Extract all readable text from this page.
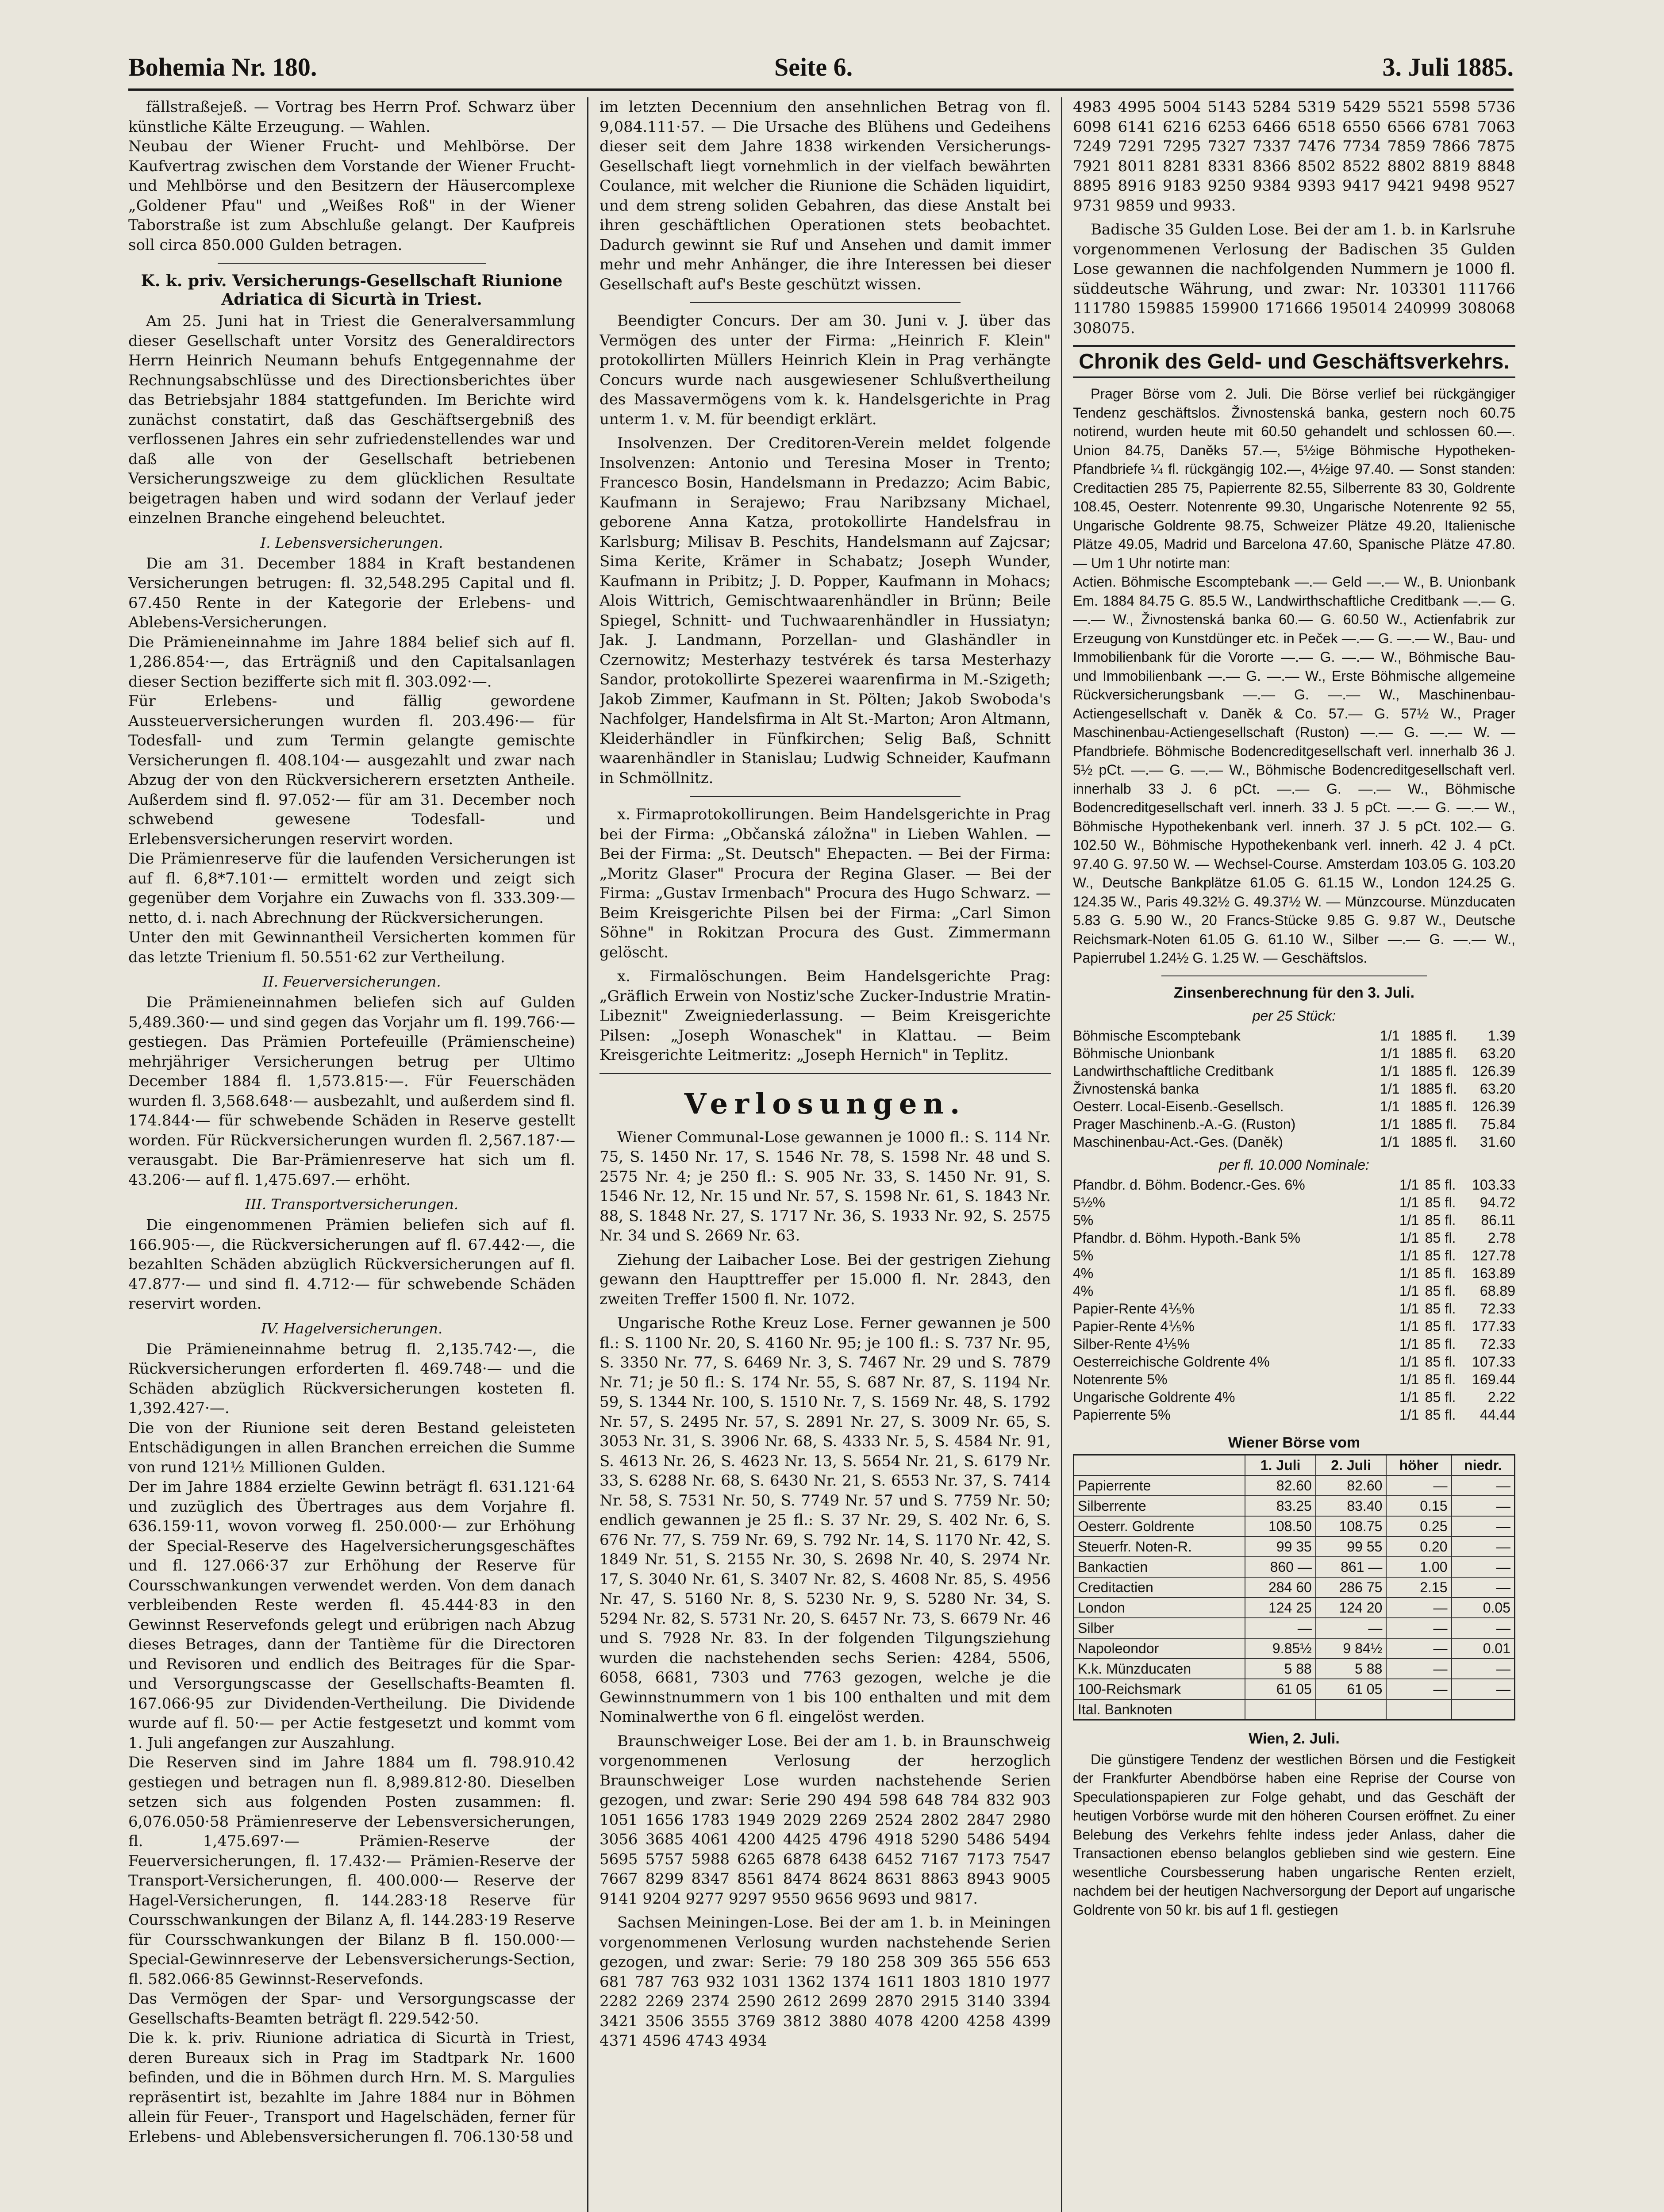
Bohemia Nr. 180.	Seite 6.	3. Juli 1885.

fällstraßejeß. — Vortrag bes Herrn Prof. Schwarz über künstliche Kälte Erzeugung. — Wahlen.
Neubau der Wiener Frucht- und Mehlbörse. Der Kaufvertrag zwischen dem Vorstande der Wiener Frucht- und Mehlbörse und den Besitzern der Häusercomplexe „Goldener Pfau" und „Weißes Roß" in der Wiener Taborstraße ist zum Abschluße gelangt. Der Kaufpreis soll circa 850.000 Gulden betragen.

K. k. priv. Versicherungs-Gesellschaft Riunione Adriatica di Sicurtà in Triest.

Am 25. Juni hat in Triest die Generalversammlung dieser Gesellschaft unter Vorsitz des Generaldirectors Herrn Heinrich Neumann behufs Entgegennahme der Rechnungsabschlüsse und des Directionsberichtes über das Betriebsjahr 1884 stattgefunden. Im Berichte wird zunächst constatirt, daß das Geschäftsergebniß des verflossenen Jahres ein sehr zufriedenstellendes war und daß alle von der Gesellschaft betriebenen Versicherungszweige zu dem glücklichen Resultate beigetragen haben und wird sodann der Verlauf jeder einzelnen Branche eingehend beleuchtet.

I. Lebensversicherungen.

Die am 31. December 1884 in Kraft bestandenen Versicherungen betrugen: fl. 32,548.295 Capital und fl. 67.450 Rente in der Kategorie der Erlebens- und Ablebens-Versicherungen.
Die Prämieneinnahme im Jahre 1884 belief sich auf fl. 1,286.854·—, das Erträgniß und den Capitalsanlagen dieser Section bezifferte sich mit fl. 303.092·—.
Für Erlebens- und fällig gewordene Aussteuerversicherungen wurden fl. 203.496·— für Todesfall- und zum Termin gelangte gemischte Versicherungen fl. 408.104·— ausgezahlt und zwar nach Abzug der von den Rückversicherern ersetzten Antheile. Außerdem sind fl. 97.052·— für am 31. December noch schwebend gewesene Todesfall- und Erlebensversicherungen reservirt worden.
Die Prämienreserve für die laufenden Versicherungen ist auf fl. 6,8*7.101·— ermittelt worden und zeigt sich gegenüber dem Vorjahre ein Zuwachs von fl. 333.309·— netto, d. i. nach Abrechnung der Rückversicherungen.
Unter den mit Gewinnantheil Versicherten kommen für das letzte Trienium fl. 50.551·62 zur Vertheilung.

II. Feuerversicherungen.

Die Prämieneinnahmen beliefen sich auf Gulden 5,489.360·— und sind gegen das Vorjahr um fl. 199.766·— gestiegen. Das Prämien Portefeuille (Prämienscheine) mehrjähriger Versicherungen betrug per Ultimo December 1884 fl. 1,573.815·—. Für Feuerschäden wurden fl. 3,568.648·— ausbezahlt, und außerdem sind fl. 174.844·— für schwebende Schäden in Reserve gestellt worden. Für Rückversicherungen wurden fl. 2,567.187·— verausgabt. Die Bar-Prämienreserve hat sich um fl. 43.206·— auf fl. 1,475.697.— erhöht.

III. Transportversicherungen.

Die eingenommenen Prämien beliefen sich auf fl. 166.905·—, die Rückversicherungen auf fl. 67.442·—, die bezahlten Schäden abzüglich Rückversicherungen auf fl. 47.877·— und sind fl. 4.712·— für schwebende Schäden reservirt worden.

IV. Hagelversicherungen.

Die Prämieneinnahme betrug fl. 2,135.742·—, die Rückversicherungen erforderten fl. 469.748·— und die Schäden abzüglich Rückversicherungen kosteten fl. 1,392.427·—.
Die von der Riunione seit deren Bestand geleisteten Entschädigungen in allen Branchen erreichen die Summe von rund 121½ Millionen Gulden.
Der im Jahre 1884 erzielte Gewinn beträgt fl. 631.121·64 und zuzüglich des Übertrages aus dem Vorjahre fl. 636.159·11, wovon vorweg fl. 250.000·— zur Erhöhung der Special-Reserve des Hagelversicherungsgeschäftes und fl. 127.066·37 zur Erhöhung der Reserve für Coursschwankungen verwendet werden. Von dem danach verbleibenden Reste werden fl. 45.444·83 in den Gewinnst Reservefonds gelegt und erübrigen nach Abzug dieses Betrages, dann der Tantième für die Directoren und Revisoren und endlich des Beitrages für die Spar- und Versorgungscasse der Gesellschafts-Beamten fl. 167.066·95 zur Dividenden-Vertheilung. Die Dividende wurde auf fl. 50·— per Actie festgesetzt und kommt vom 1. Juli angefangen zur Auszahlung.
Die Reserven sind im Jahre 1884 um fl. 798.910.42 gestiegen und betragen nun fl. 8,989.812·80. Dieselben setzen sich aus folgenden Posten zusammen: fl. 6,076.050·58 Prämienreserve der Lebensversicherungen, fl. 1,475.697·— Prämien-Reserve der Feuerversicherungen, fl. 17.432·— Prämien-Reserve der Transport-Versicherungen, fl. 400.000·— Reserve der Hagel-Versicherungen, fl. 144.283·18 Reserve für Coursschwankungen der Bilanz A, fl. 144.283·19 Reserve für Coursschwankungen der Bilanz B fl. 150.000·— Special-Gewinnreserve der Lebensversicherungs-Section, fl. 582.066·85 Gewinnst-Reservefonds.
Das Vermögen der Spar- und Versorgungscasse der Gesellschafts-Beamten beträgt fl. 229.542·50.
Die k. k. priv. Riunione adriatica di Sicurtà in Triest, deren Bureaux sich in Prag im Stadtpark Nr. 1600 befinden, und die in Böhmen durch Hrn. M. S. Margulies repräsentirt ist, bezahlte im Jahre 1884 nur in Böhmen allein für Feuer-, Transport und Hagelschäden, ferner für Erlebens- und Ablebensversicherungen fl. 706.130·58 und

im letzten Decennium den ansehnlichen Betrag von fl. 9,084.111·57. — Die Ursache des Blühens und Gedeihens dieser seit dem Jahre 1838 wirkenden Versicherungs-Gesellschaft liegt vornehmlich in der vielfach bewährten Coulance, mit welcher die Riunione die Schäden liquidirt, und dem streng soliden Gebahren, das diese Anstalt bei ihren geschäftlichen Operationen stets beobachtet. Dadurch gewinnt sie Ruf und Ansehen und damit immer mehr und mehr Anhänger, die ihre Interessen bei dieser Gesellschaft auf's Beste geschützt wissen.

Beendigter Concurs. Der am 30. Juni v. J. über das Vermögen des unter der Firma: „Heinrich F. Klein" protokollirten Müllers Heinrich Klein in Prag verhängte Concurs wurde nach ausgewiesener Schlußvertheilung des Massavermögens vom k. k. Handelsgerichte in Prag unterm 1. v. M. für beendigt erklärt.

Insolvenzen. Der Creditoren-Verein meldet folgende Insolvenzen: Antonio und Teresina Moser in Trento; Francesco Bosin, Handelsmann in Predazzo; Acim Babic, Kaufmann in Serajewo; Frau Naribzsany Michael, geborene Anna Katza, protokollirte Handelsfrau in Karlsburg; Milisav B. Peschits, Handelsmann auf Zajcsar; Sima Kerite, Krämer in Schabatz; Joseph Wunder, Kaufmann in Pribitz; J. D. Popper, Kaufmann in Mohacs; Alois Wittrich, Gemischtwaarenhändler in Brünn; Beile Spiegel, Schnitt- und Tuchwaarenhändler in Hussiatyn; Jak. J. Landmann, Porzellan- und Glashändler in Czernowitz; Mesterhazy testvérek és tarsa Mesterhazy Sandor, protokollirte Spezerei waarenfirma in M.-Szigeth; Jakob Zimmer, Kaufmann in St. Pölten; Jakob Swoboda's Nachfolger, Handelsfirma in Alt St.-Marton; Aron Altmann, Kleiderhändler in Fünfkirchen; Selig Baß, Schnitt waarenhändler in Stanislau; Ludwig Schneider, Kaufmann in Schmöllnitz.

x. Firmaprotokollirungen. Beim Handelsgerichte in Prag bei der Firma: „Občanská záložna" in Lieben Wahlen. — Bei der Firma: „St. Deutsch" Ehepacten. — Bei der Firma: „Moritz Glaser" Procura der Regina Glaser. — Bei der Firma: „Gustav Irmenbach" Procura des Hugo Schwarz. — Beim Kreisgerichte Pilsen bei der Firma: „Carl Simon Söhne" in Rokitzan Procura des Gust. Zimmermann gelöscht.

x. Firmalöschungen. Beim Handelsgerichte Prag: „Gräflich Erwein von Nostiz'sche Zucker-Industrie Mratin-Libeznit" Zweigniederlassung. — Beim Kreisgerichte Pilsen: „Joseph Wonaschek" in Klattau. — Beim Kreisgerichte Leitmeritz: „Joseph Hernich" in Teplitz.

Verlosungen.

Wiener Communal-Lose gewannen je 1000 fl.: S. 114 Nr. 75, S. 1450 Nr. 17, S. 1546 Nr. 78, S. 1598 Nr. 48 und S. 2575 Nr. 4; je 250 fl.: S. 905 Nr. 33, S. 1450 Nr. 91, S. 1546 Nr. 12, Nr. 15 und Nr. 57, S. 1598 Nr. 61, S. 1843 Nr. 88, S. 1848 Nr. 27, S. 1717 Nr. 36, S. 1933 Nr. 92, S. 2575 Nr. 34 und S. 2669 Nr. 63.

Ziehung der Laibacher Lose. Bei der gestrigen Ziehung gewann den Haupttreffer per 15.000 fl. Nr. 2843, den zweiten Treffer 1500 fl. Nr. 1072.

Ungarische Rothe Kreuz Lose. Ferner gewannen je 500 fl.: S. 1100 Nr. 20, S. 4160 Nr. 95; je 100 fl.: S. 737 Nr. 95, S. 3350 Nr. 77, S. 6469 Nr. 3, S. 7467 Nr. 29 und S. 7879 Nr. 71; je 50 fl.: S. 174 Nr. 55, S. 687 Nr. 87, S. 1194 Nr. 59, S. 1344 Nr. 100, S. 1510 Nr. 7, S. 1569 Nr. 48, S. 1792 Nr. 57, S. 2495 Nr. 57, S. 2891 Nr. 27, S. 3009 Nr. 65, S. 3053 Nr. 31, S. 3906 Nr. 68, S. 4333 Nr. 5, S. 4584 Nr. 91, S. 4613 Nr. 26, S. 4623 Nr. 13, S. 5654 Nr. 21, S. 6179 Nr. 33, S. 6288 Nr. 68, S. 6430 Nr. 21, S. 6553 Nr. 37, S. 7414 Nr. 58, S. 7531 Nr. 50, S. 7749 Nr. 57 und S. 7759 Nr. 50; endlich gewannen je 25 fl.: S. 37 Nr. 29, S. 402 Nr. 6, S. 676 Nr. 77, S. 759 Nr. 69, S. 792 Nr. 14, S. 1170 Nr. 42, S. 1849 Nr. 51, S. 2155 Nr. 30, S. 2698 Nr. 40, S. 2974 Nr. 17, S. 3040 Nr. 61, S. 3407 Nr. 82, S. 4608 Nr. 85, S. 4956 Nr. 47, S. 5160 Nr. 8, S. 5230 Nr. 9, S. 5280 Nr. 34, S. 5294 Nr. 82, S. 5731 Nr. 20, S. 6457 Nr. 73, S. 6679 Nr. 46 und S. 7928 Nr. 83. In der folgenden Tilgungsziehung wurden die nachstehenden sechs Serien: 4284, 5506, 6058, 6681, 7303 und 7763 gezogen, welche je die Gewinnstnummern von 1 bis 100 enthalten und mit dem Nominalwerthe von 6 fl. eingelöst werden.

Braunschweiger Lose. Bei der am 1. b. in Braunschweig vorgenommenen Verlosung der herzoglich Braunschweiger Lose wurden nachstehende Serien gezogen, und zwar: Serie 290 494 598 648 784 832 903 1051 1656 1783 1949 2029 2269 2524 2802 2847 2980 3056 3685 4061 4200 4425 4796 4918 5290 5486 5494 5695 5757 5988 6265 6878 6438 6452 7167 7173 7547 7667 8299 8347 8561 8474 8624 8631 8863 8943 9005 9141 9204 9277 9297 9550 9656 9693 und 9817.

Sachsen Meiningen-Lose. Bei der am 1. b. in Meiningen vorgenommenen Verlosung wurden nachstehende Serien gezogen, und zwar: Serie: 79 180 258 309 365 556 653 681 787 763 932 1031 1362 1374 1611 1803 1810 1977 2282 2269 2374 2590 2612 2699 2870 2915 3140 3394 3421 3506 3555 3769 3812 3880 4078 4200 4258 4399 4371 4596 4743 4934

4983 4995 5004 5143 5284 5319 5429 5521 5598 5736 6098 6141 6216 6253 6466 6518 6550 6566 6781 7063 7249 7291 7295 7327 7337 7476 7734 7859 7866 7875 7921 8011 8281 8331 8366 8502 8522 8802 8819 8848 8895 8916 9183 9250 9384 9393 9417 9421 9498 9527 9731 9859 und 9933.

Badische 35 Gulden Lose. Bei der am 1. b. in Karlsruhe vorgenommenen Verlosung der Badischen 35 Gulden Lose gewannen die nachfolgenden Nummern je 1000 fl. süddeutsche Währung, und zwar: Nr. 103301 111766 111780 159885 159900 171666 195014 240999 308068 308075.

Chronik des Geld- und Geschäftsverkehrs.

Prager Börse vom 2. Juli. Die Börse verlief bei rückgängiger Tendenz geschäftslos. Živnostenská banka, gestern noch 60.75 notirend, wurden heute mit 60.50 gehandelt und schlossen 60.—. Union 84.75, Daněks 57.—, 5½ige Böhmische Hypotheken-Pfandbriefe ¼ fl. rückgängig 102.—, 4½ige 97.40. — Sonst standen: Creditactien 285 75, Papierrente 82.55, Silberrente 83 30, Goldrente 108.45, Oesterr. Notenrente 99.30, Ungarische Notenrente 92 55, Ungarische Goldrente 98.75, Schweizer Plätze 49.20, Italienische Plätze 49.05, Madrid und Barcelona 47.60, Spanische Plätze 47.80. — Um 1 Uhr notirte man:
Actien. Böhmische Escomptebank —.— Geld —.— W., B. Unionbank Em. 1884 84.75 G. 85.5 W., Landwirthschaftliche Creditbank —.— G. —.— W., Živnostenská banka 60.— G. 60.50 W., Actienfabrik zur Erzeugung von Kunstdünger etc. in Peček —.— G. —.— W., Bau- und Immobilienbank für die Vororte —.— G. —.— W., Böhmische Bau- und Immobilienbank —.— G. —.— W., Erste Böhmische allgemeine Rückversicherungsbank —.— G. —.— W., Maschinenbau-Actiengesellschaft v. Daněk & Co. 57.— G. 57½ W., Prager Maschinenbau-Actiengesellschaft (Ruston) —.— G. —.— W. — Pfandbriefe. Böhmische Bodencreditgesellschaft verl. innerhalb 36 J. 5½ pCt. —.— G. —.— W., Böhmische Bodencreditgesellschaft verl. innerhalb 33 J. 6 pCt. —.— G. —.— W., Böhmische Bodencreditgesellschaft verl. innerh. 33 J. 5 pCt. —.— G. —.— W., Böhmische Hypothekenbank verl. innerh. 37 J. 5 pCt. 102.— G. 102.50 W., Böhmische Hypothekenbank verl. innerh. 42 J. 4 pCt. 97.40 G. 97.50 W. — Wechsel-Course. Amsterdam 103.05 G. 103.20 W., Deutsche Bankplätze 61.05 G. 61.15 W., London 124.25 G. 124.35 W., Paris 49.32½ G. 49.37½ W. — Münzcourse. Münzducaten 5.83 G. 5.90 W., 20 Francs-Stücke 9.85 G. 9.87 W., Deutsche Reichsmark-Noten 61.05 G. 61.10 W., Silber —.— G. —.— W., Papierrubel 1.24½ G. 1.25 W. — Geschäftslos.

Zinsenberechnung für den 3. Juli.
per 25 Stück:
Böhmische Escomptebank	1/1	1885	fl.	1.39
Böhmische Unionbank	1/1	1885	fl.	63.20
Landwirthschaftliche Creditbank	1/1	1885	fl.	126.39
Živnostenská banka	1/1	1885	fl.	63.20
Oesterr. Local-Eisenb.-Gesellsch.	1/1	1885	fl.	126.39
Prager Maschinenb.-A.-G. (Ruston)	1/1	1885	fl.	75.84
Maschinenbau-Act.-Ges. (Daněk)	1/1	1885	fl.	31.60
per fl. 10.000 Nominale:
Pfandbr. d. Böhm. Bodencr.-Ges. 6%	1/1	85	fl.	103.33
5½%	1/1	85	fl.	94.72
5%	1/1	85	fl.	86.11
Pfandbr. d. Böhm. Hypoth.-Bank 5%	1/1	85	fl.	2.78
5%	1/1	85	fl.	127.78
4%	1/1	85	fl.	163.89
4%	1/1	85	fl.	68.89
Papier-Rente 4⅕%	1/1	85	fl.	72.33
Papier-Rente 4⅕%	1/1	85	fl.	177.33
Silber-Rente 4⅕%	1/1	85	fl.	72.33
Oesterreichische Goldrente 4%	1/1	85	fl.	107.33
Notenrente 5%	1/1	85	fl.	169.44
Ungarische Goldrente 4%	1/1	85	fl.	2.22
Papierrente 5%	1/1	85	fl.	44.44
Wiener Börse vom
	1. Juli	2. Juli	höher	niedr.
Papierrente	82.60	82.60	—	—
Silberrente	83.25	83.40	0.15	—
Oesterr. Goldrente	108.50	108.75	0.25	—
Steuerfr. Noten-R.	99 35	99 55	0.20	—
Bankactien	860 —	861 —	1.00	—
Creditactien	284 60	286 75	2.15	—
London	124 25	124 20	—	0.05
Silber	—	—	—	—
Napoleondor	9.85½	9 84½	—	0.01
K.k. Münzducaten	5 88	5 88	—	—
100-Reichsmark	61 05	61 05	—	—
Ital. Banknoten				
Wien, 2. Juli.

Die günstigere Tendenz der westlichen Börsen und die Festigkeit der Frankfurter Abendbörse haben eine Reprise der Course von Speculationspapieren zur Folge gehabt, und das Geschäft der heutigen Vorbörse wurde mit den höheren Coursen eröffnet. Zu einer Belebung des Verkehrs fehlte indess jeder Anlass, daher die Transactionen ebenso belanglos geblieben sind wie gestern. Eine wesentliche Coursbesserung haben ungarische Renten erzielt, nachdem bei der heutigen Nachversorgung der Deport auf ungarische Goldrente von 50 kr. bis auf 1 fl. gestiegen
